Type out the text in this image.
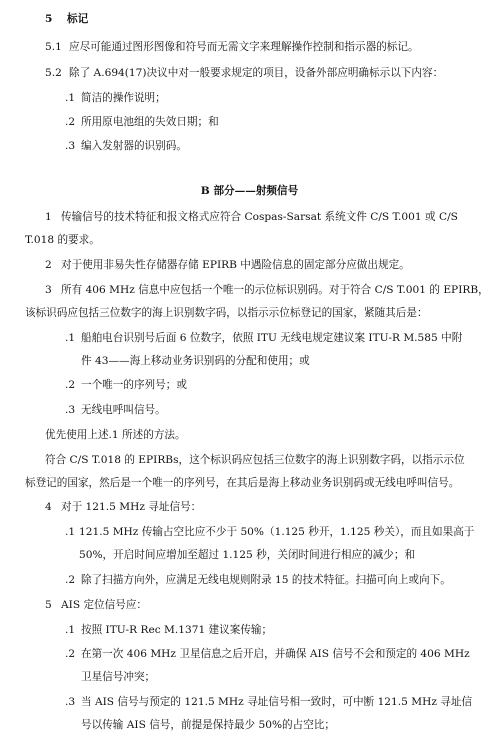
5 标记
5.1 应尽可能通过图形图像和符号而无需文字来理解操作控制和指示器的标记。
5.2 除了 A.694(17)决议中对一般要求规定的项目，设备外部应明确标示以下内容：
.1 简洁的操作说明；
.2 所用原电池组的失效日期；和
.3 编入发射器的识别码。
B 部分——射频信号
1 传输信号的技术特征和报文格式应符合 Cospas-Sarsat 系统文件 C/S T.001 或 C/S
T.018 的要求。
2 对于使用非易失性存储器存储 EPIRB 中遇险信息的固定部分应做出规定。
3 所有 406 MHz 信息中应包括一个唯一的示位标识别码。对于符合 C/S T.001 的 EPIRB，
该标识码应包括三位数字的海上识别数字码，以指示示位标登记的国家，紧随其后是：
.1 船舶电台识别号后面 6 位数字，依照 ITU 无线电规定建议案 ITU-R M.585 中附
件 43——海上移动业务识别码的分配和使用；或
.2 一个唯一的序列号；或
.3 无线电呼叫信号。
优先使用上述.1 所述的方法。
符合 C/S T.018 的 EPIRBs，这个标识码应包括三位数字的海上识别数字码，以指示示位
标登记的国家，然后是一个唯一的序列号，在其后是海上移动业务识别码或无线电呼叫信号。
4 对于 121.5 MHz 寻址信号：
.1 121.5 MHz 传输占空比应不少于 50%（1.125 秒开，1.125 秒关），而且如果高于
50%，开启时间应增加至超过 1.125 秒，关闭时间进行相应的减少；和
.2 除了扫描方向外，应满足无线电规则附录 15 的技术特征。扫描可向上或向下。
5 AIS 定位信号应：
.1 按照 ITU-R Rec M.1371 建议案传输；
.2 在第一次 406 MHz 卫星信息之后开启，并确保 AIS 信号不会和预定的 406 MHz
卫星信号冲突；
.3 当 AIS 信号与预定的 121.5 MHz 寻址信号相一致时，可中断 121.5 MHz 寻址信
号以传输 AIS 信号，前提是保持最少 50%的占空比；
